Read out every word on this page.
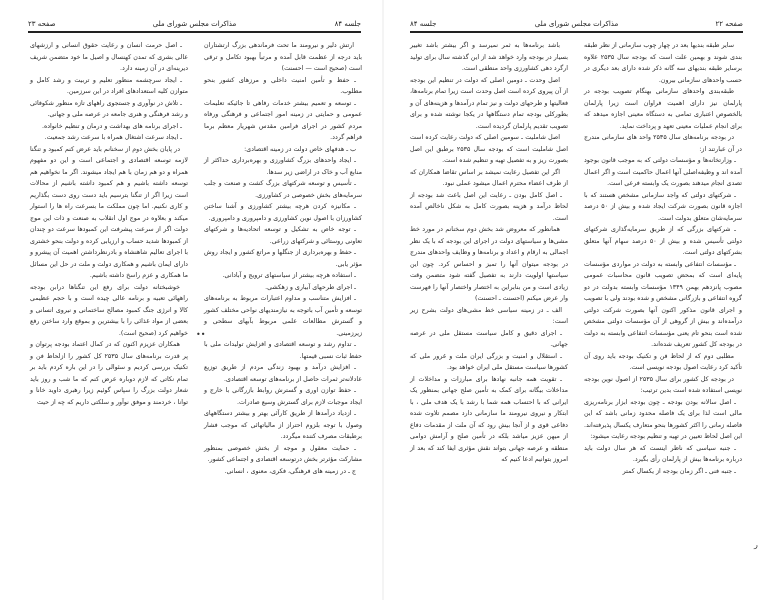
جلسه ۸۴
مذاکرات مجلس شورای ملی
صفحه ۲۳

ارتش دلیر و نیرومند ما تحت فرماندهی بزرگ ارتشتاران باید درجه از عظمت قابل آمده و مرتباً بهبود تکامل و ترقی است (صحیح است — احسنت)

ـ حفظ و تأمین امنیت داخلی و مرزهای کشور بنحو مطلوب.

ـ توسعه و تعمیم بیشتر خدمات رفاهی تا جائیکه تعلیمات عمومی و حمایتی در زمینه امور اجتماعی و فرهنگی ورفاه مردم کشور در اجرای فرامین مقدس شهریار معظم برما فراهم گردد.

ب ـ هدفهای خاص دولت در زمینه اقتصادی:

ـ ایجاد واحدهای بزرگ کشاورزی و بهره‌برداری حداکثر از منابع آب و خاک در اراضی زیر سد‌ها.

ـ تأسیس و توسعه شرکتهای بزرگ کشت و صنعت و جلب سرمایه‌های بخش خصوصی در کشاورزی.

ـ مکانیزه کردن هرچه بیشتر کشاورزی و آشنا ساختن کشاورزان با اصول نوین کشاورزی و دامپروری و دامپروری.

ـ توجه خاص به تشکیل و توسعه اتحادیه‌ها و شرکتهای تعاونی روستائی و شرکتهای زراعی.

ـ حفظ و بهره‌برداری از جنگلها و مراتع کشور و ایجاد روش مؤثر یابی.

ـ استفاده هرچه بیشتر از سیاستهای ترویج و آبادانی.

ـ اجرای طرحهای آبیاری و زهکشی.

ـ افزایش متناسب و مداوم اعتبارات مربوط به برنامه‌های توسعه و تأمین آب باتوجه به نیازمندیهای نواحی مختلف کشور و گسترش مطالعات علمی مربوط بآبهای سطحی و زیرزمینی.

ـ تداوم رشد و توسعه اقتصادی و افزایش تولیدات ملی با حفظ ثبات نسبی قیمتها.

ـ افزایش درآمد و بهبود زندگی مردم از طریق توزیع عادلانه‌تر ثمرات حاصل از برنامه‌های توسعه اقتصادی.

ـ حفظ توازن اوری و گسترش روابط بازرگانی با خارج و ایجاد موجبات لازم برای گسترش وسیع صادرات.

ـ ازدیاد درآمدها از طریق کارآئی بهتر و بیشتر دستگاههای وصول با توجه بلزوم احتراز از مالیاتهائی که موجب فشار برطبقات مصرف کننده میگردد.

ـ حمایت معقول و موجه از بخش خصوصی بمنظور مشارکت مؤثرتر بخش درتوسعه اقتصادی و اجتماعی کشور.

ج ـ در زمینه های فرهنگی، فکری، معنوی ، انسانی.

ـ اصل حرمت انسان و رعایت حقوق انسانی و ارزشهای عالی بشری که تمدن کهنسال و اصیل ما خود متضمن شریف دیرینه‌ای در آن زمینه دارد.

ـ ایجاد سرچشمه منظور تعلیم و تربیت و رشد کامل و متوازن کلیه استعدادهای افراد در این سرزمین.

ـ تلاش در نوآوری و جستجوی راههای تازه منظور شکوفائی و رشد فرهنگی و هنری جامعه در عرصه ملی و جهانی.

ـ اجرای برنامه های بهداشت و درمان و تنظیم خانواده.

ـ ایجاد سرعت اشتغال همراه با سرعت رشد جمعیت.

در پایان بخش دوم از سخنانم باید عرض کنم کمبود و تنگنا لازمه توسعه اقتصادی و اجتماعی است و این دو مفهوم همراه و دو هم زمان با هم ایجاد میشوند. اگر ما نخواهیم هم توسعه داشته باشیم و هم کمبود داشته باشیم از محالات است زیرا اگر از تنگنا بترسیم باید دست روی دست بگذاریم و کاری نکنیم. اما چون مملکت ما بسرعت راه ها را استوار میکند و بعلاوه در موج اول انقلاب به صنعت و ذات این موج دولت اگر از سرعت پیشرفت این کمبودها سرعت دو چندان از کمبودها شدید حساب و ارزیابی کرده و دولت بنحو خشتری با اجرای تعالیم شاهنشاه و بادرنظرداشتن اهمیت آن پیشرو و دارای ایمان باشیم و همکاری دولت و ملت در حل این مسائل ما همکاری و عزم راسخ داشته باشیم.

خوشبختانه دولت برای رفع این تنگناها درابن بودجه راههائی تعبیه و برنامه عالی چیده است و با حجم عظیمی کالا و انرژی جنگ کمبود مصالح ساختمانی و نیروی انسانی و بعضی از مواد غذائی را با بیشترین و بموقع وارد ساختن رفع خواهیم کرد (صحیح است).

همکاران عزیزم اکنون که در کمال اعتماد بودجه پرتوان و پر قدرت برنامه‌های سال ۲۵۳۵ کل کشور را ازلحاظ فن و تکنیک بررسی کردیم و سئوالی را در این باره کردم باید بر تمام نکاتی که لازم دوباره عرض کنم که ما شب و روز باید شعار دولت بزرگ را سپاس گوئیم زیرا رهبری داوید خانا و توانا ، خردمند و موفق نوآور و سلکتی داریم که چه از حیث

••
صفحه ۲۲
مذاکرات مجلس شورای ملی
جلسه ۸۴

سایر طبقه بندیها بعد در چهار چوب سازمانی از نظر طبقه بندی شوند و بهمین علت است که بودجه سال ۲۵۳۵ علاوه برسایر طبقه بندیهای سه گانه ذکر شده دارای بعد دیگری در حسب واحدهای سازمانی بیرون.

طبقه‌بندی واحدهای سازمانی بهنگام تصویب بودجه در پارلمان نیز دارای اهمیت فراوان است زیرا پارلمان بالخصوص اعتباری تمامی به دستگاه معینی اجازه میدهد که برای انجام عملیات معینی تعهد و پرداخت نماید.

در بودجه برنامه‌های سال ۲۵۳۵ واحد های سازمانی مندرج در آن عبارتند از:

ـ وزارتخانه‌ها و مؤسسات دولتی که به موجب قانون بوجود آمده اند و وظیفه‌اصلی آنها اعمال حاکمیت است و اگر اعمال تصدی انجام میدهند بصورت یک وابسته فرعی است.

ـ شرکتهای دولتی که واجد سازمانی مشخص هستند که با اجازه قانون بصورت شرکت ایجاد شده و بیش از ۵۰ درصد سرمایه‌شان متعلق بدولت است.

ـ شرکتهای بزرگی که از طریق سرمایه‌گذاری شرکتهای دولتی تأسیس شده و بیش از ۵۰ درصد سهام آنها متعلق بشرکتهای دولتی است.

ـ مؤسسات انتفاعی وابسته به دولت در مواردی مؤسسات پایه‌ای است که بمحض تصویب قانون محاسبات عمومی مصوب پانزدهم بهمن ۱۳۴۹ مؤسسات وابسته بدولت در دو گروه انتفاعی و بازرگانی مشخص و شده بودند ولی با تصویب و اجرای قانون مذکور اکنون آنها بصورت شرکت دولتی درآمده‌اند و بیش از گروهی از آن مؤسسات دولتی مشخص شده است بنحو تام یعنی مؤسسات انتفاعی وابسته به دولت در بودجه کل کشور تعریف شده‌اند.

مطلبی دوم که از لحاظ فن و تکنیک بودجه باید روی آن تأکید کرد رعایت اصول بودجه نویسی است.

در بودجه کل کشور برای سال ۲۵۳۵ از اصول نوین بودجه نویسی استفاده شده است بدین ترتیب:

ـ اصل سالانه بودن بودجه ـ چون بودجه ابزار برنامه‌ریزی مالی است لذا برای یک فاصله محدود زمانی باشد که این فاصله زمانی را اکثر کشورها بنحو متعارف یکسال پذیرفته‌اند. این اصل لحاظ تعیین در تهیه و تنظیم بودجه رعایت میشود:

ـ جنبه سیاسی که ناظر اینست که هر سال دولت باید درباره برنامه‌ها بیش از پارلمان رأی بگیرد.

ـ جنبه فنی ـ اگر زمان بودجه از یکسال کمتر

باشد برنامه‌ها به ثمر نمیرسد و اگر بیشتر باشد تغییر بسیار در بودجه وارد خواهد شد از این گذشته سال برای تولید ارگرد دهی کشاورزی واحد منطقی است.

اصل وحدت ـ دومین اصلی که دولت در تنظیم این بودجه از آن پیروی کرده است اصل وحدت است زیرا تمام برنامه‌ها، فعالیتها و طرحهای دولت و نیز تمام درآمدها و هزینه‌های آن و بطورکلی بودجه تمام دستگاهها در یکجا نوشته شده و برای تصویب تقدیم پارلمان گردیده است.

اصل شاملیت ـ سومین اصلی که دولت رعایت کرده است اصل شاملیت است که بودجه سال ۲۵۳۵ برطبق این اصل بصورت ریز و به تفصیل تهیه و تنظیم شده است.

اگر این تفصیل رعایت نمیشد بر اساس تقاضا همکاران که از طرف اعضاء محترم اعمال میشود عملی نبود.

ـ اصل کامل بودن ـ رعایت این اصل باعث شد بودجه از لحاظ درآمد و هزینه بصورت کامل به شکل ناخالص آمده است.

همانطور که معروض شد بخش دوم سخنانم در مورد خط مشی‌ها و سیاستهای دولت در اجرای این بودجه که با یک نظر اجمالی به ارقام و اعداد و برنامه‌ها و وظایف واحدهای مندرج در بودجه میتوان آنها را تمیز و احساس کرد. چون این سیاستها اولویت دارند به تفصیل گفته شود متضمن وقت زیادی است و من بنابراین به اختصار واختصار آنها را فهرست وار عرض میکنم (احسنت ـ احسنت)

الف ـ در زمینه سیاسی خط مشی‌های دولت بشرح زیر است:

ـ اجرای دقیق و کامل سیاست مستقل ملی در عرصه جهانی.

ـ استقلال و امنیت و بزرگی ایران ملت و غرور ملی که کشورها سیاست مستقل ملی ایران خواهد بود.

ـ تقویت همه جانبه نهادها برای مبارزات و مداخلات از مداخلات بیگانه برای کمک به تأمین صلح جهانی بمنظور یک ایرانی که با احتساب همه شما با رشد با یک هدف ملی ، با ابتکار و نیروی نیرومند ما سازمانی دارد مصمم تلاوت شده دفاعی قوی و از آنجا بیش رود که آن ملت از مقدمات دفاع از میهن عزیز میاشد بلکه در تأمین صلح و آرامش دوامی منطقه و عرصه جهانی بتواند نقش مؤثری ایفا کند که بعد از امروز بتوانیم ادعا کنیم که

ر
